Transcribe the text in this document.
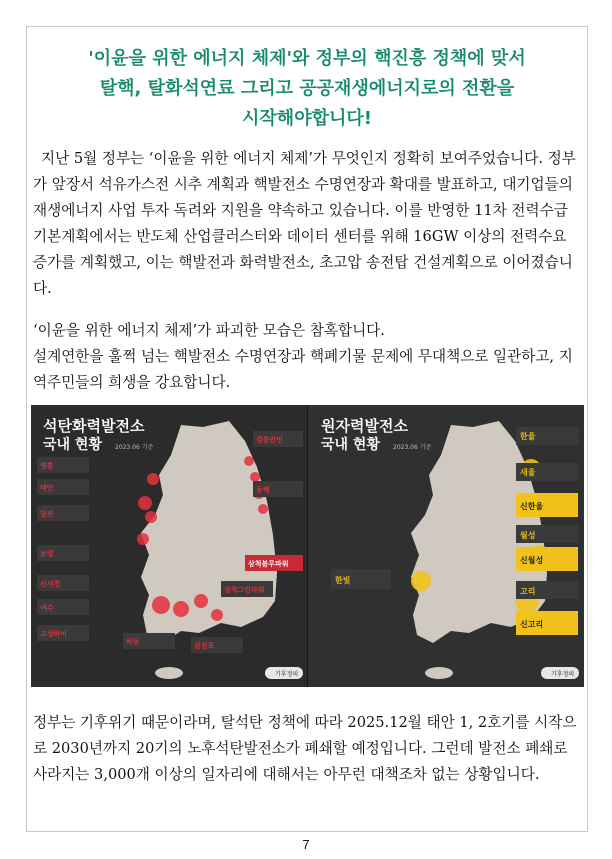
'이윤을 위한 에너지 체제'와 정부의 핵진흥 정책에 맞서
탈핵, 탈화석연료 그리고 공공재생에너지로의 전환을
시작해야합니다!
지난 5월 정부는 ‘이윤을 위한 에너지 체제’가 무엇인지 정확히 보여주었습니다. 정부가 앞장서 석유가스전 시추 계획과 핵발전소 수명연장과 확대를 발표하고, 대기업들의 재생에너지 사업 투자 독려와 지원을 약속하고 있습니다. 이를 반영한 11차 전력수급기본계획에서는 반도체 산업클러스터와 데이터 센터를 위해 16GW 이상의 전력수요 증가를 계획했고, 이는 핵발전과 화력발전소, 초고압 송전탑 건설계획으로 이어졌습니다.
‘이윤을 위한 에너지 체제’가 파괴한 모습은 참혹합니다.
설계연한을 훌쩍 넘는 핵발전소 수명연장과 핵폐기물 문제에 무대책으로 일관하고, 지역주민들의 희생을 강요합니다.
석탄화력발전소
국내 현황 2023.06 기준
원자력발전소
국내 현황 2023.06 기준
영흥
태안
당진
보령
신서천
여수
하동	삼천포
고성하이
강릉안인
동해
삼척그린파워
삼척블루파워
한빛
한울
신한울
월성
신월성
고리
신고리
새울
기후정의	기후정의
정부는 기후위기 때문이라며, 탈석탄 정책에 따라 2025.12월 태안 1, 2호기를 시작으로 2030년까지 20기의 노후석탄발전소가 폐쇄할 예정입니다. 그런데 발전소 폐쇄로 사라지는 3,000개 이상의 일자리에 대해서는 아무런 대책조차 없는 상황입니다.
7
